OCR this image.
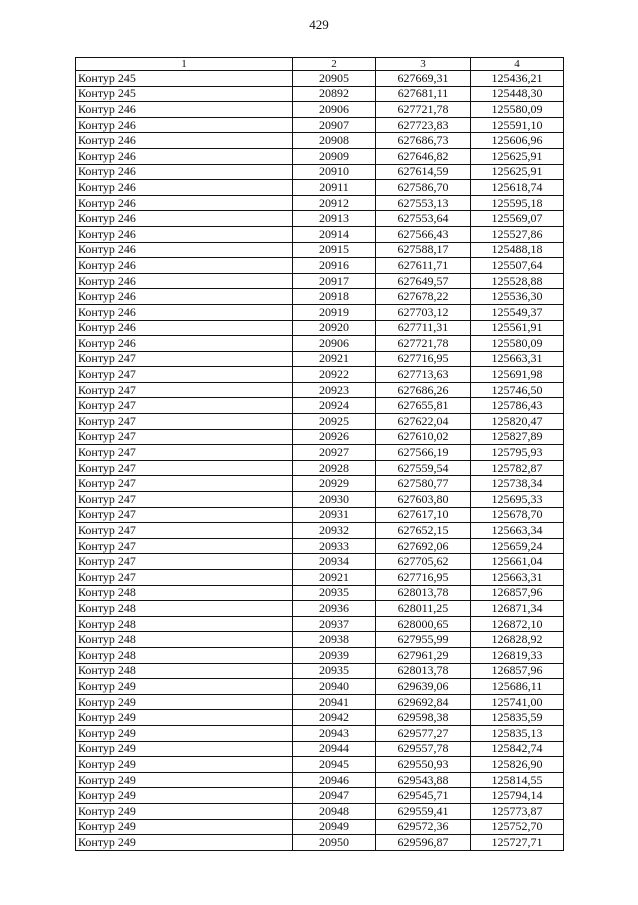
429
1	2	3	4
Контур 245	20905	627669,31	125436,21
Контур 245	20892	627681,11	125448,30
Контур 246	20906	627721,78	125580,09
Контур 246	20907	627723,83	125591,10
Контур 246	20908	627686,73	125606,96
Контур 246	20909	627646,82	125625,91
Контур 246	20910	627614,59	125625,91
Контур 246	20911	627586,70	125618,74
Контур 246	20912	627553,13	125595,18
Контур 246	20913	627553,64	125569,07
Контур 246	20914	627566,43	125527,86
Контур 246	20915	627588,17	125488,18
Контур 246	20916	627611,71	125507,64
Контур 246	20917	627649,57	125528,88
Контур 246	20918	627678,22	125536,30
Контур 246	20919	627703,12	125549,37
Контур 246	20920	627711,31	125561,91
Контур 246	20906	627721,78	125580,09
Контур 247	20921	627716,95	125663,31
Контур 247	20922	627713,63	125691,98
Контур 247	20923	627686,26	125746,50
Контур 247	20924	627655,81	125786,43
Контур 247	20925	627622,04	125820,47
Контур 247	20926	627610,02	125827,89
Контур 247	20927	627566,19	125795,93
Контур 247	20928	627559,54	125782,87
Контур 247	20929	627580,77	125738,34
Контур 247	20930	627603,80	125695,33
Контур 247	20931	627617,10	125678,70
Контур 247	20932	627652,15	125663,34
Контур 247	20933	627692,06	125659,24
Контур 247	20934	627705,62	125661,04
Контур 247	20921	627716,95	125663,31
Контур 248	20935	628013,78	126857,96
Контур 248	20936	628011,25	126871,34
Контур 248	20937	628000,65	126872,10
Контур 248	20938	627955,99	126828,92
Контур 248	20939	627961,29	126819,33
Контур 248	20935	628013,78	126857,96
Контур 249	20940	629639,06	125686,11
Контур 249	20941	629692,84	125741,00
Контур 249	20942	629598,38	125835,59
Контур 249	20943	629577,27	125835,13
Контур 249	20944	629557,78	125842,74
Контур 249	20945	629550,93	125826,90
Контур 249	20946	629543,88	125814,55
Контур 249	20947	629545,71	125794,14
Контур 249	20948	629559,41	125773,87
Контур 249	20949	629572,36	125752,70
Контур 249	20950	629596,87	125727,71
